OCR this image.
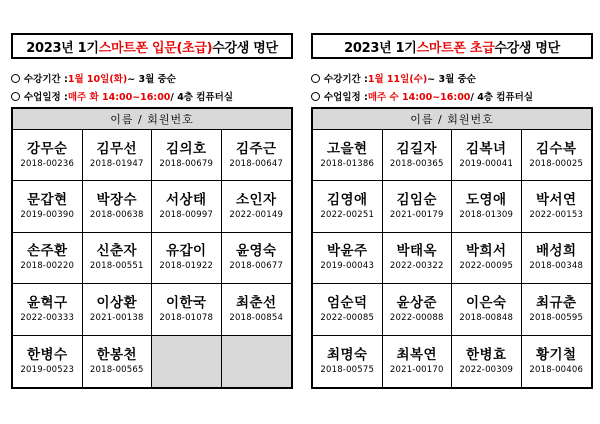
2023년 1기 스마트폰 입문(초급) 수강생 명단
수강기간 : 1월 10일(화) ~ 3월 중순
수업일정 : 매주 화 14:00~16:00 / 4층 컴퓨터실
이름 / 회원번호
강무순
2018-00236
김무선
2018-01947
김의호
2018-00679
김주근
2018-00647
문갑현
2019-00390
박장수
2018-00638
서상태
2018-00997
소인자
2022-00149
손주환
2018-00220
신춘자
2018-00551
유갑이
2018-01922
윤영숙
2018-00677
윤혁구
2022-00333
이상환
2021-00138
이한국
2018-01078
최춘선
2018-00854
한병수
2019-00523
한봉천
2018-00565
2023년 1기 스마트폰 초급 수강생 명단
수강기간 : 1월 11일(수) ~ 3월 중순
수업일정 : 매주 수 14:00~16:00 / 4층 컴퓨터실
이름 / 회원번호
고을현
2018-01386
김길자
2018-00365
김복녀
2019-00041
김수복
2018-00025
김영애
2022-00251
김임순
2021-00179
도영애
2018-01309
박서연
2022-00153
박윤주
2019-00043
박태옥
2022-00322
박희서
2022-00095
배성희
2018-00348
엄순덕
2022-00085
윤상준
2022-00088
이은숙
2018-00848
최규춘
2018-00595
최명숙
2018-00575
최복연
2021-00170
한병효
2022-00309
황기철
2018-00406
